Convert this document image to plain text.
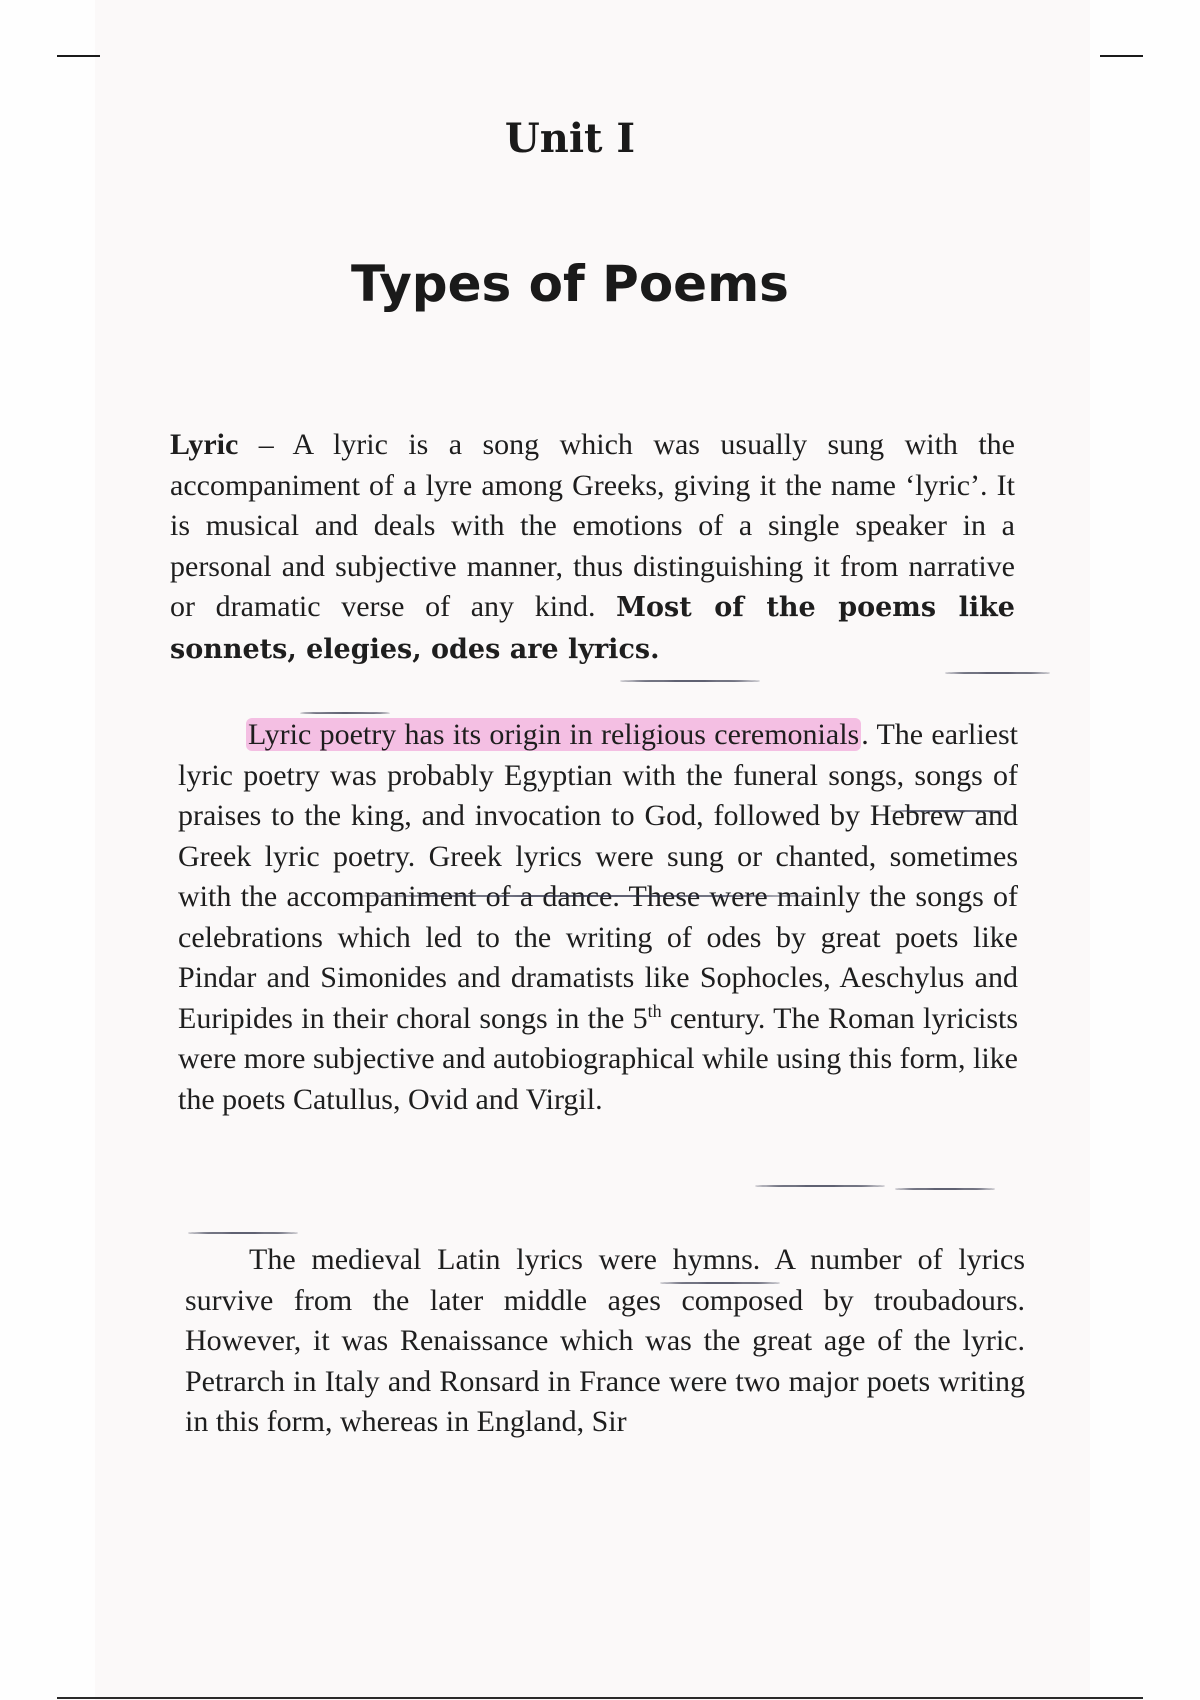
Unit I
Types of Poems

Lyric – A lyric is a song which was usually sung with the accompaniment of a lyre among Greeks, giving it the name ‘lyric’. It is musical and deals with the emotions of a single speaker in a personal and subjective manner, thus distinguishing it from narrative or dramatic verse of any kind. Most of the poems like sonnets, elegies, odes are lyrics.

Lyric poetry has its origin in religious ceremonials. The earliest lyric poetry was probably Egyptian with the funeral songs, songs of praises to the king, and invocation to God, followed by Hebrew and Greek lyric poetry. Greek lyrics were sung or chanted, sometimes with the accompaniment of a dance. These were mainly the songs of celebrations which led to the writing of odes by great poets like Pindar and Simonides and dramatists like Sophocles, Aeschylus and Euripides in their choral songs in the 5th century. The Roman lyricists were more subjective and autobiographical while using this form, like the poets Catullus, Ovid and Virgil.

The medieval Latin lyrics were hymns. A number of lyrics survive from the later middle ages composed by troubadours. However, it was Renaissance which was the great age of the lyric. Petrarch in Italy and Ronsard in France were two major poets writing in this form, whereas in England, Sir
